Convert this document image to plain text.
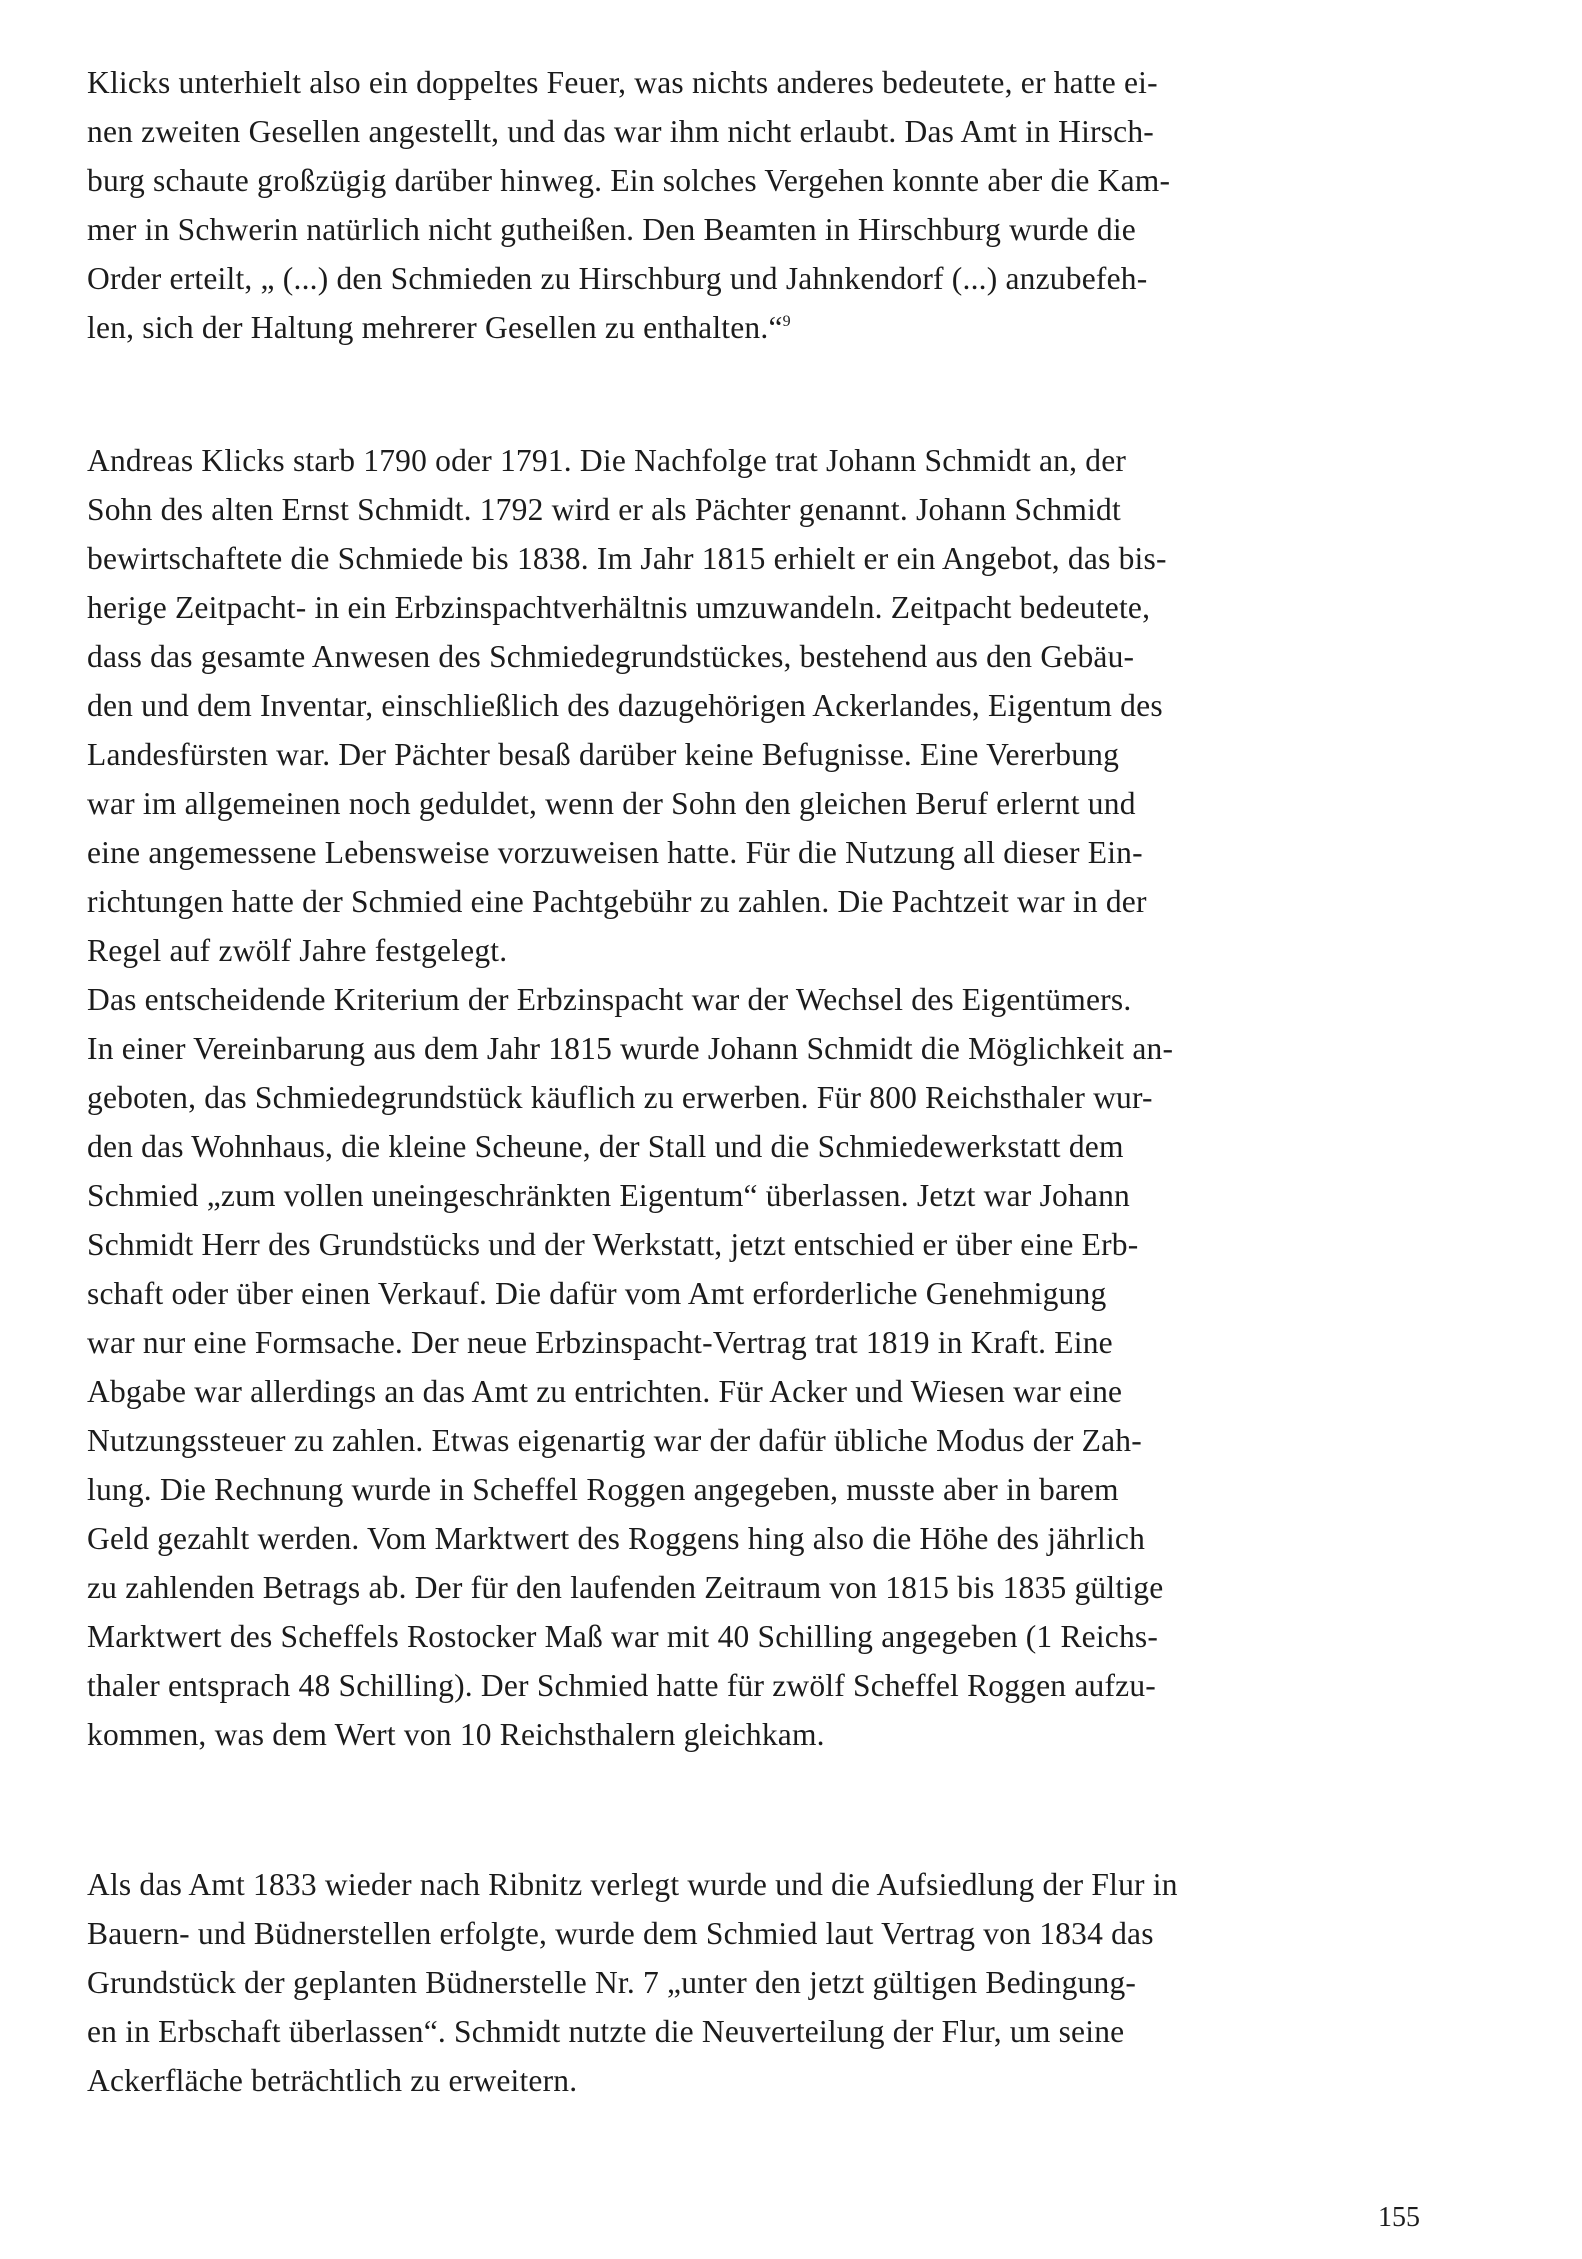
Klicks unterhielt also ein doppeltes Feuer, was nichts anderes bedeutete, er hatte ei-
nen zweiten Gesellen angestellt, und das war ihm nicht erlaubt. Das Amt in Hirsch-
burg schaute großzügig darüber hinweg. Ein solches Vergehen konnte aber die Kam-
mer in Schwerin natürlich nicht gutheißen. Den Beamten in Hirschburg wurde die
Order erteilt, „ (...) den Schmieden zu Hirschburg und Jahnkendorf (...) anzubefeh-
len, sich der Haltung mehrerer Gesellen zu enthalten.“$^9$
Andreas Klicks starb 1790 oder 1791. Die Nachfolge trat Johann Schmidt an, der
Sohn des alten Ernst Schmidt. 1792 wird er als Pächter genannt. Johann Schmidt
bewirtschaftete die Schmiede bis 1838. Im Jahr 1815 erhielt er ein Angebot, das bis-
herige Zeitpacht- in ein Erbzinspachtverhältnis umzuwandeln. Zeitpacht bedeutete,
dass das gesamte Anwesen des Schmiedegrundstückes, bestehend aus den Gebäu-
den und dem Inventar, einschließlich des dazugehörigen Ackerlandes, Eigentum des
Landesfürsten war. Der Pächter besaß darüber keine Befugnisse. Eine Vererbung
war im allgemeinen noch geduldet, wenn der Sohn den gleichen Beruf erlernt und
eine angemessene Lebensweise vorzuweisen hatte. Für die Nutzung all dieser Ein-
richtungen hatte der Schmied eine Pachtgebühr zu zahlen. Die Pachtzeit war in der
Regel auf zwölf Jahre festgelegt.
Das entscheidende Kriterium der Erbzinspacht war der Wechsel des Eigentümers.
In einer Vereinbarung aus dem Jahr 1815 wurde Johann Schmidt die Möglichkeit an-
geboten, das Schmiedegrundstück käuflich zu erwerben. Für 800 Reichsthaler wur-
den das Wohnhaus, die kleine Scheune, der Stall und die Schmiedewerkstatt dem
Schmied „zum vollen uneingeschränkten Eigentum“ überlassen. Jetzt war Johann
Schmidt Herr des Grundstücks und der Werkstatt, jetzt entschied er über eine Erb-
schaft oder über einen Verkauf. Die dafür vom Amt erforderliche Genehmigung
war nur eine Formsache. Der neue Erbzinspacht-Vertrag trat 1819 in Kraft. Eine
Abgabe war allerdings an das Amt zu entrichten. Für Acker und Wiesen war eine
Nutzungssteuer zu zahlen. Etwas eigenartig war der dafür übliche Modus der Zah-
lung. Die Rechnung wurde in Scheffel Roggen angegeben, musste aber in barem
Geld gezahlt werden. Vom Marktwert des Roggens hing also die Höhe des jährlich
zu zahlenden Betrags ab. Der für den laufenden Zeitraum von 1815 bis 1835 gültige
Marktwert des Scheffels Rostocker Maß war mit 40 Schilling angegeben (1 Reichs-
thaler entsprach 48 Schilling). Der Schmied hatte für zwölf Scheffel Roggen aufzu-
kommen, was dem Wert von 10 Reichsthalern gleichkam.
Als das Amt 1833 wieder nach Ribnitz verlegt wurde und die Aufsiedlung der Flur in
Bauern- und Büdnerstellen erfolgte, wurde dem Schmied laut Vertrag von 1834 das
Grundstück der geplanten Büdnerstelle Nr. 7 „unter den jetzt gültigen Bedingung-
en in Erbschaft überlassen“. Schmidt nutzte die Neuverteilung der Flur, um seine
Ackerfläche beträchtlich zu erweitern.
155
